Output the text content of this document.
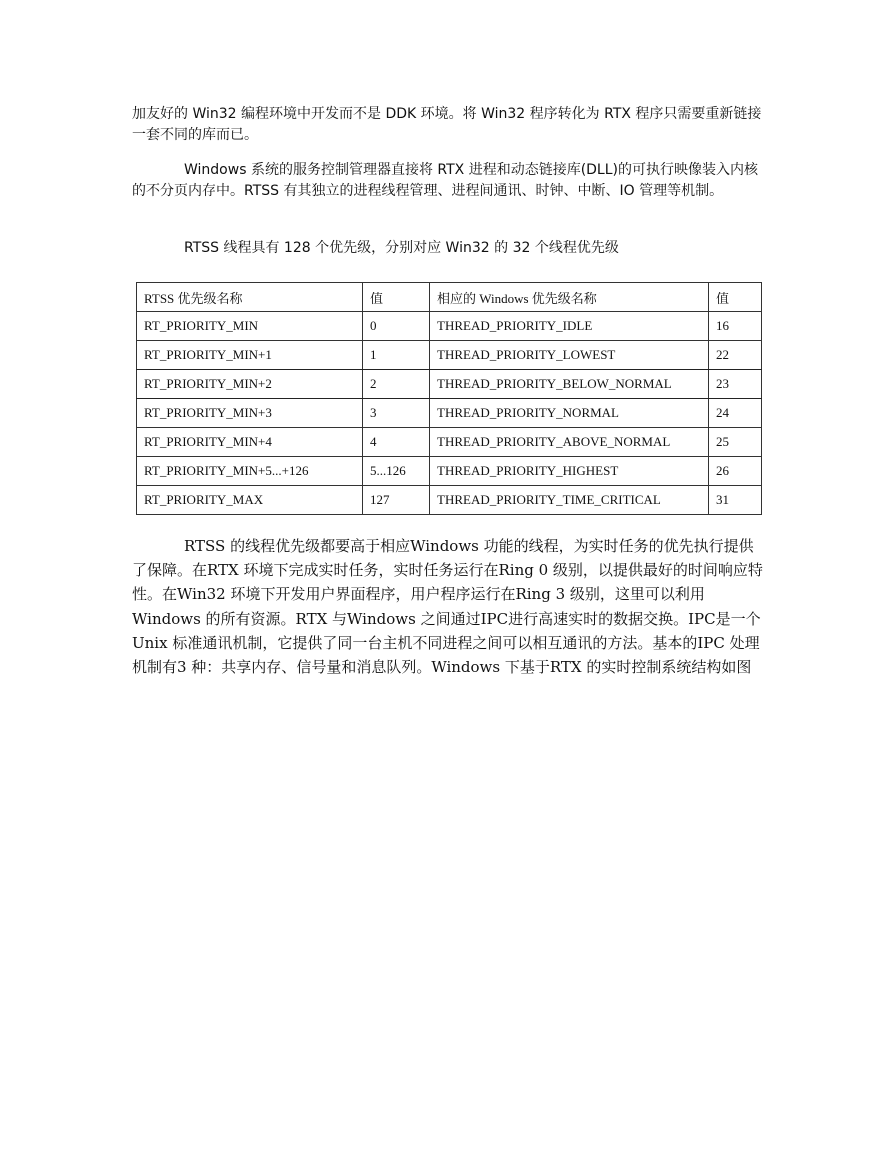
加友好的 Win32 编程环境中开发而不是 DDK 环境。将 Win32 程序转化为 RTX 程序只需要重新链接一套不同的库而已。

Windows 系统的服务控制管理器直接将 RTX 进程和动态链接库(DLL)的可执行映像装入内核的不分页内存中。RTSS 有其独立的进程线程管理、进程间通讯、时钟、中断、IO 管理等机制。

RTSS 线程具有 128 个优先级，分别对应 Win32 的 32 个线程优先级

RTSS 优先级名称	值	相应的 Windows 优先级名称	值
RT_PRIORITY_MIN	0	THREAD_PRIORITY_IDLE	16
RT_PRIORITY_MIN+1	1	THREAD_PRIORITY_LOWEST	22
RT_PRIORITY_MIN+2	2	THREAD_PRIORITY_BELOW_NORMAL	23
RT_PRIORITY_MIN+3	3	THREAD_PRIORITY_NORMAL	24
RT_PRIORITY_MIN+4	4	THREAD_PRIORITY_ABOVE_NORMAL	25
RT_PRIORITY_MIN+5...+126	5...126	THREAD_PRIORITY_HIGHEST	26
RT_PRIORITY_MAX	127	THREAD_PRIORITY_TIME_CRITICAL	31

RTSS 的线程优先级都要高于相应Windows 功能的线程，为实时任务的优先执行提供了保障。在RTX 环境下完成实时任务，实时任务运行在Ring 0 级别，以提供最好的时间响应特性。在Win32 环境下开发用户界面程序，用户程序运行在Ring 3 级别，这里可以利用Windows 的所有资源。RTX 与Windows 之间通过IPC进行高速实时的数据交换。IPC是一个Unix 标准通讯机制，它提供了同一台主机不同进程之间可以相互通讯的方法。基本的IPC 处理机制有3 种：共享内存、信号量和消息队列。Windows 下基于RTX 的实时控制系统结构如图
